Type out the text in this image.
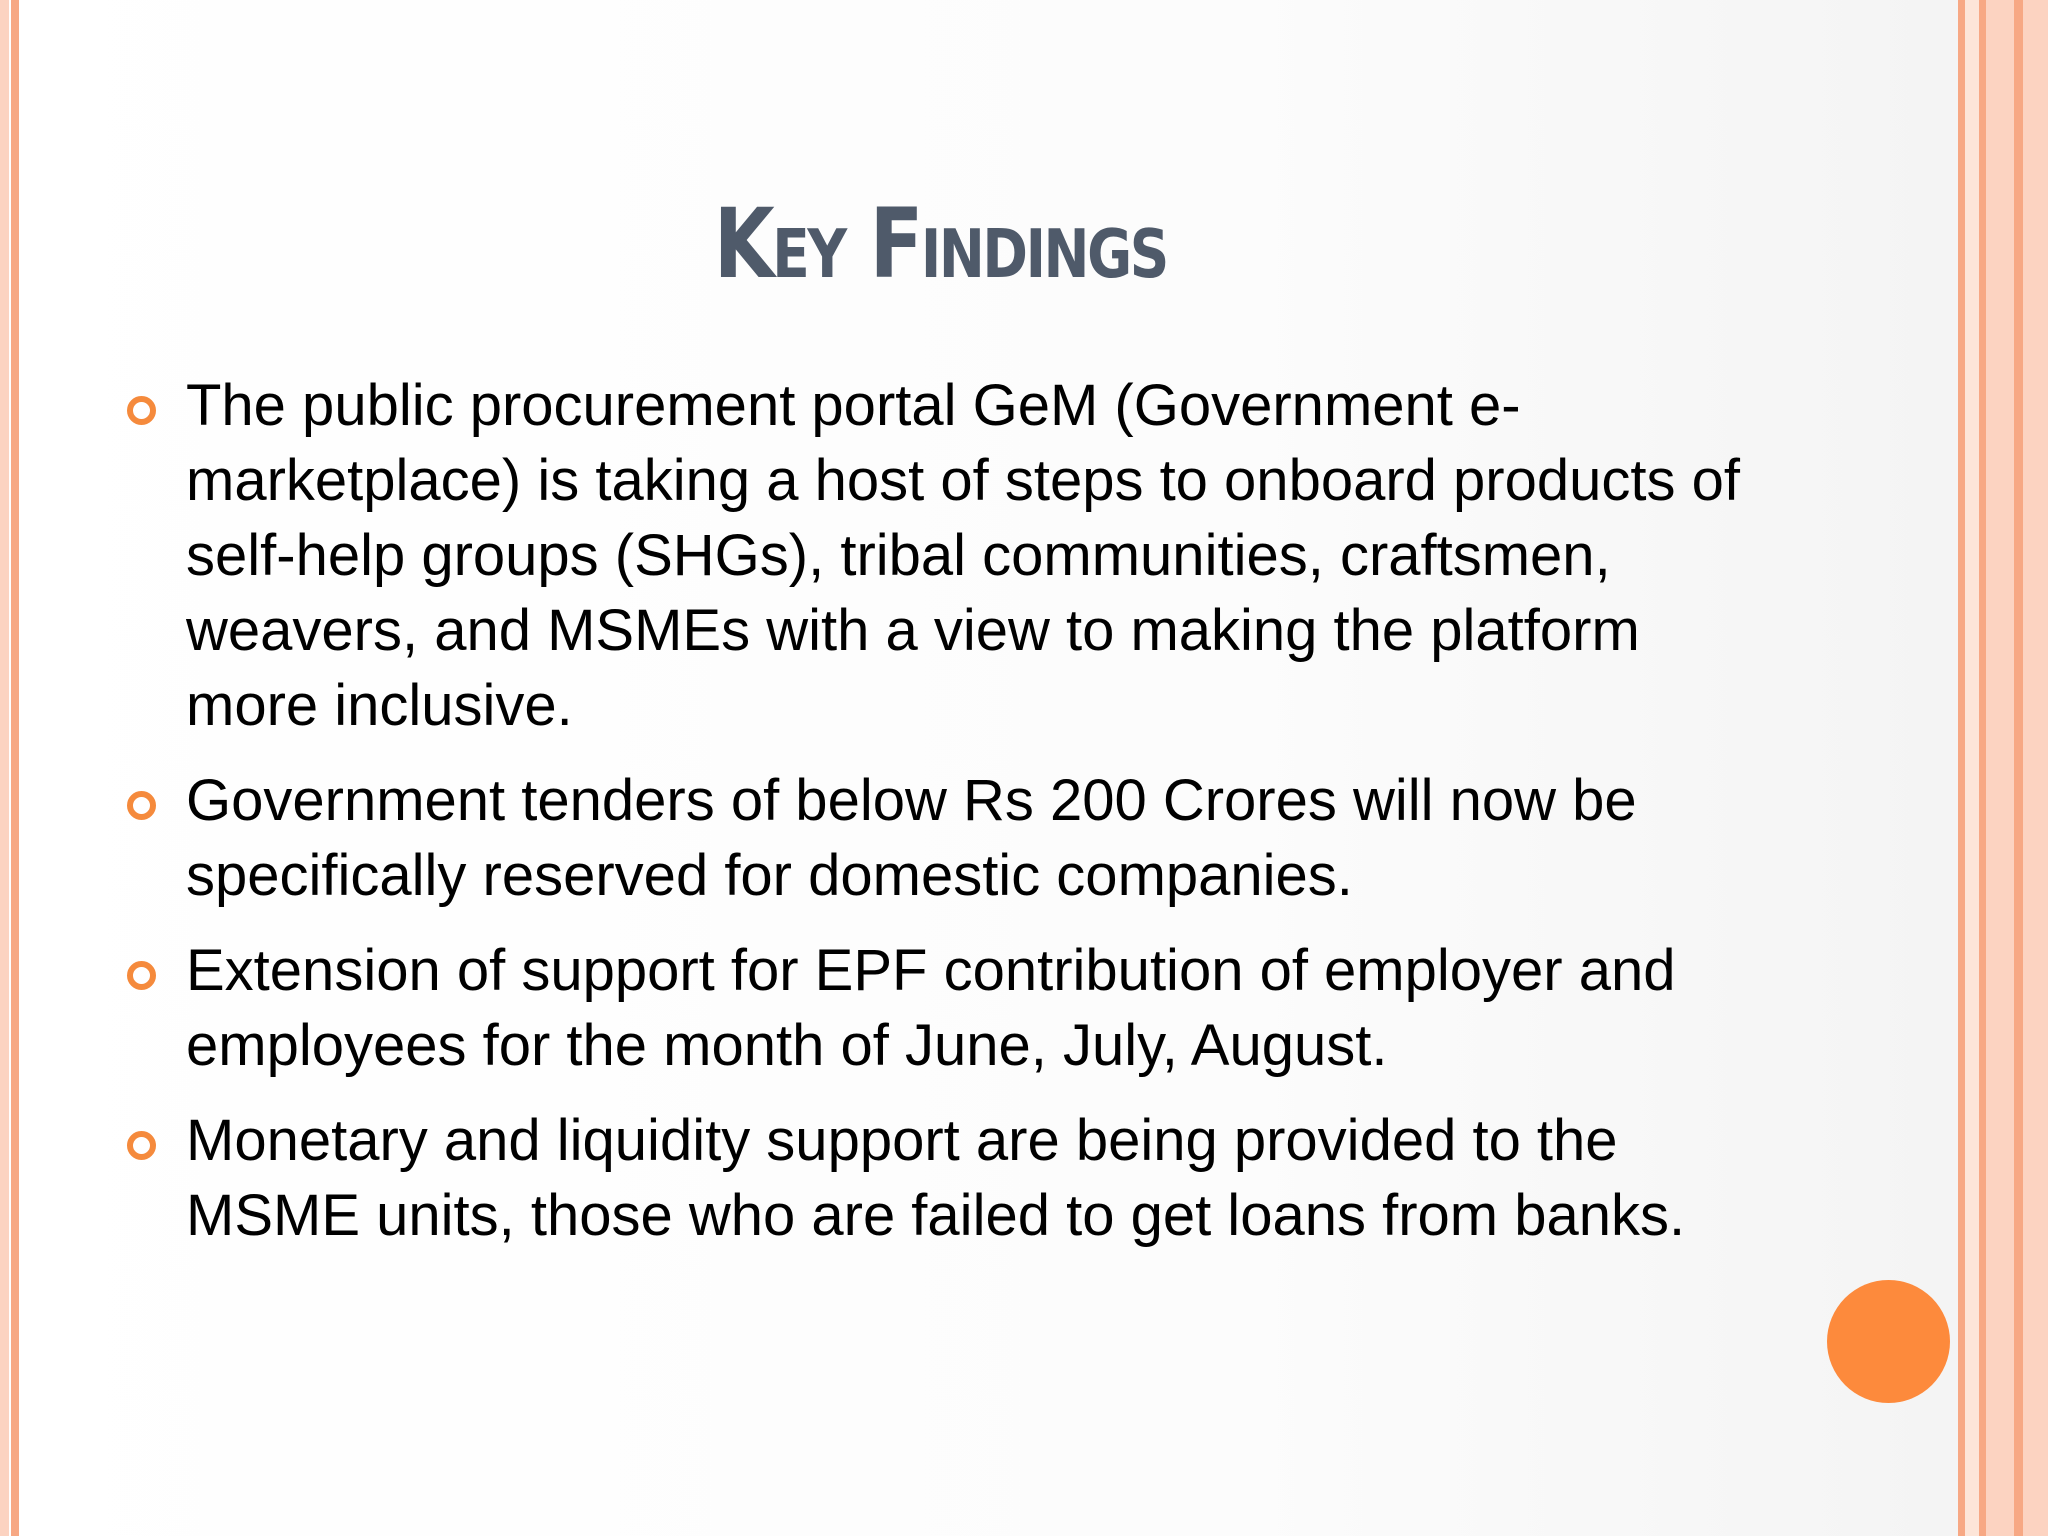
Key Findings
The public procurement portal GeM (Government e-marketplace) is taking a host of steps to onboard products of self-help groups (SHGs), tribal communities, craftsmen, weavers, and MSMEs with a view to making the platform more inclusive.
Government tenders of below Rs 200 Crores will now be specifically reserved for domestic companies.
Extension of support for EPF contribution of employer and employees for the month of June, July, August.
Monetary and liquidity support are being provided to the MSME units, those who are failed to get loans from banks.
